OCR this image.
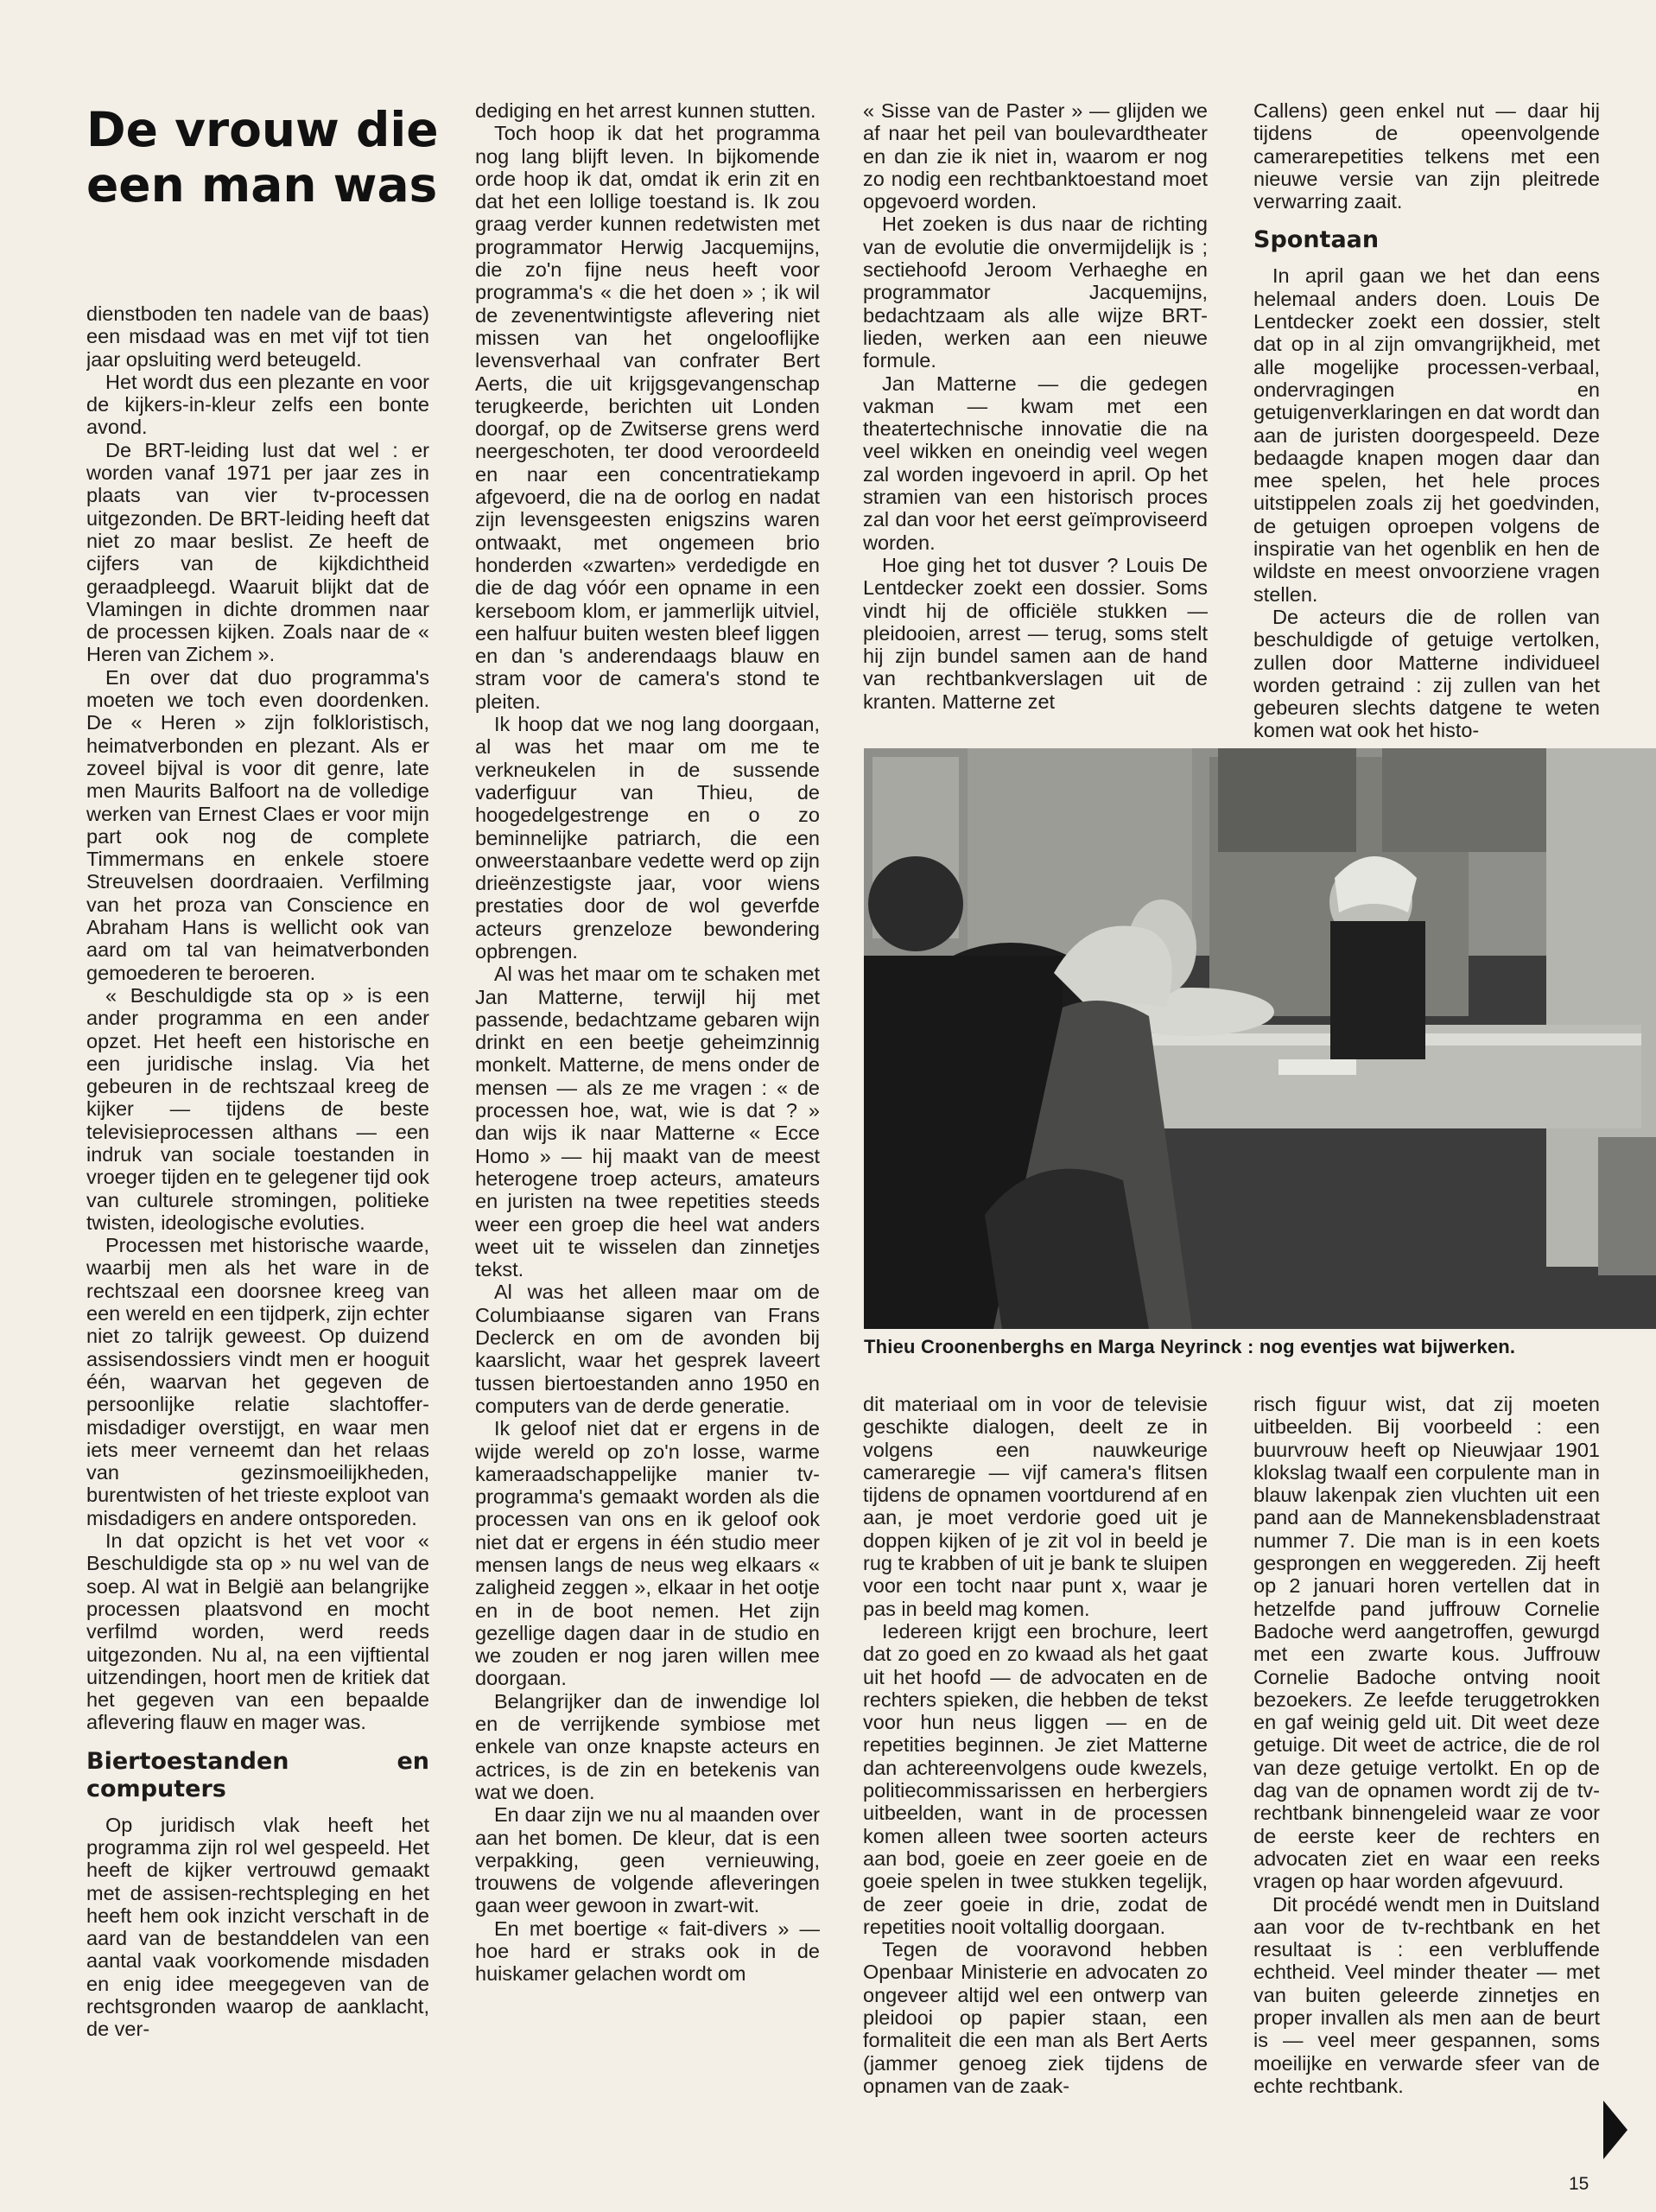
De vrouw die een man was

dienstboden ten nadele van de baas) een misdaad was en met vijf tot tien jaar opsluiting werd beteugeld.

Het wordt dus een plezante en voor de kijkers-in-kleur zelfs een bonte avond.

De BRT-leiding lust dat wel : er worden vanaf 1971 per jaar zes in plaats van vier tv-processen uitgezonden. De BRT-leiding heeft dat niet zo maar beslist. Ze heeft de cijfers van de kijkdichtheid geraadpleegd. Waaruit blijkt dat de Vlamingen in dichte drommen naar de processen kijken. Zoals naar de « Heren van Zichem ».

En over dat duo programma's moeten we toch even doordenken. De « Heren » zijn folkloristisch, heimatverbonden en plezant. Als er zoveel bijval is voor dit genre, late men Maurits Balfoort na de volledige werken van Ernest Claes er voor mijn part ook nog de complete Timmermans en enkele stoere Streuvelsen doordraaien. Verfilming van het proza van Conscience en Abraham Hans is wellicht ook van aard om tal van heimatverbonden gemoederen te beroeren.

« Beschuldigde sta op » is een ander programma en een ander opzet. Het heeft een historische en een juridische inslag. Via het gebeuren in de rechtszaal kreeg de kijker — tijdens de beste televisieprocessen althans — een indruk van sociale toestanden in vroeger tijden en te gelegener tijd ook van culturele stromingen, politieke twisten, ideologische evoluties.

Processen met historische waarde, waarbij men als het ware in de rechtszaal een doorsnee kreeg van een wereld en een tijdperk, zijn echter niet zo talrijk geweest. Op duizend assisendossiers vindt men er hooguit één, waarvan het gegeven de persoonlijke relatie slachtoffer-misdadiger overstijgt, en waar men iets meer verneemt dan het relaas van gezinsmoeilijkheden, burentwisten of het trieste exploot van misdadigers en andere ontsporeden.

In dat opzicht is het vet voor « Beschuldigde sta op » nu wel van de soep. Al wat in België aan belangrijke processen plaatsvond en mocht verfilmd worden, werd reeds uitgezonden. Nu al, na een vijftiental uitzendingen, hoort men de kritiek dat het gegeven van een bepaalde aflevering flauw en mager was.

Biertoestanden en computers

Op juridisch vlak heeft het programma zijn rol wel gespeeld. Het heeft de kijker vertrouwd gemaakt met de assisen-rechtspleging en het heeft hem ook inzicht verschaft in de aard van de bestanddelen van een aantal vaak voorkomende misdaden en enig idee meegegeven van de rechtsgronden waarop de aanklacht, de ver-

dediging en het arrest kunnen stutten.

Toch hoop ik dat het programma nog lang blijft leven. In bijkomende orde hoop ik dat, omdat ik erin zit en dat het een lollige toestand is. Ik zou graag verder kunnen redetwisten met programmator Herwig Jacquemijns, die zo'n fijne neus heeft voor programma's « die het doen » ; ik wil de zevenentwintigste aflevering niet missen van het ongelooflijke levensverhaal van confrater Bert Aerts, die uit krijgsgevangenschap terugkeerde, berichten uit Londen doorgaf, op de Zwitserse grens werd neergeschoten, ter dood veroordeeld en naar een concentratiekamp afgevoerd, die na de oorlog en nadat zijn levensgeesten enigszins waren ontwaakt, met ongemeen brio honderden «zwarten» verdedigde en die de dag vóór een opname in een kerseboom klom, er jammerlijk uitviel, een halfuur buiten westen bleef liggen en dan 's anderendaags blauw en stram voor de camera's stond te pleiten.

Ik hoop dat we nog lang doorgaan, al was het maar om me te verkneukelen in de sussende vaderfiguur van Thieu, de hoogedelgestrenge en o zo beminnelijke patriarch, die een onweerstaanbare vedette werd op zijn drieënzestigste jaar, voor wiens prestaties door de wol geverfde acteurs grenzeloze bewondering opbrengen.

Al was het maar om te schaken met Jan Matterne, terwijl hij met passende, bedachtzame gebaren wijn drinkt en een beetje geheimzinnig monkelt. Matterne, de mens onder de mensen — als ze me vragen : « de processen hoe, wat, wie is dat ? » dan wijs ik naar Matterne « Ecce Homo » — hij maakt van de meest heterogene troep acteurs, amateurs en juristen na twee repetities steeds weer een groep die heel wat anders weet uit te wisselen dan zinnetjes tekst.

Al was het alleen maar om de Columbiaanse sigaren van Frans Declerck en om de avonden bij kaarslicht, waar het gesprek laveert tussen biertoestanden anno 1950 en computers van de derde generatie.

Ik geloof niet dat er ergens in de wijde wereld op zo'n losse, warme kameraadschappelijke manier tv-programma's gemaakt worden als die processen van ons en ik geloof ook niet dat er ergens in één studio meer mensen langs de neus weg elkaars « zaligheid zeggen », elkaar in het ootje en in de boot nemen. Het zijn gezellige dagen daar in de studio en we zouden er nog jaren willen mee doorgaan.

Belangrijker dan de inwendige lol en de verrijkende symbiose met enkele van onze knapste acteurs en actrices, is de zin en betekenis van wat we doen.

En daar zijn we nu al maanden over aan het bomen. De kleur, dat is een verpakking, geen vernieuwing, trouwens de volgende afleveringen gaan weer gewoon in zwart-wit.

En met boertige « fait-divers » — hoe hard er straks ook in de huiskamer gelachen wordt om

« Sisse van de Paster » — glijden we af naar het peil van boulevardtheater en dan zie ik niet in, waarom er nog zo nodig een rechtbanktoestand moet opgevoerd worden.

Het zoeken is dus naar de richting van de evolutie die onvermijdelijk is ; sectiehoofd Jeroom Verhaeghe en programmator Jacquemijns, bedachtzaam als alle wijze BRT-lieden, werken aan een nieuwe formule.

Jan Matterne — die gedegen vakman — kwam met een theatertechnische innovatie die na veel wikken en oneindig veel wegen zal worden ingevoerd in april. Op het stramien van een historisch proces zal dan voor het eerst geïmproviseerd worden.

Hoe ging het tot dusver ? Louis De Lentdecker zoekt een dossier. Soms vindt hij de officiële stukken — pleidooien, arrest — terug, soms stelt hij zijn bundel samen aan de hand van rechtbankverslagen uit de kranten. Matterne zet

Callens) geen enkel nut — daar hij tijdens de opeenvolgende camerarepetities telkens met een nieuwe versie van zijn pleitrede verwarring zaait.

Spontaan

In april gaan we het dan eens helemaal anders doen. Louis De Lentdecker zoekt een dossier, stelt dat op in al zijn omvangrijkheid, met alle mogelijke processen-verbaal, ondervragingen en getuigenverklaringen en dat wordt dan aan de juristen doorgespeeld. Deze bedaagde knapen mogen daar dan mee spelen, het hele proces uitstippelen zoals zij het goedvinden, de getuigen oproepen volgens de inspiratie van het ogenblik en hen de wildste en meest onvoorziene vragen stellen.

De acteurs die de rollen van beschuldigde of getuige vertolken, zullen door Matterne individueel worden getraind : zij zullen van het gebeuren slechts datgene te weten komen wat ook het histo-

Thieu Croonenberghs en Marga Neyrinck : nog eventjes wat bijwerken.

dit materiaal om in voor de televisie geschikte dialogen, deelt ze in volgens een nauwkeurige cameraregie — vijf camera's flitsen tijdens de opnamen voortdurend af en aan, je moet verdorie goed uit je doppen kijken of je zit vol in beeld je rug te krabben of uit je bank te sluipen voor een tocht naar punt x, waar je pas in beeld mag komen.

Iedereen krijgt een brochure, leert dat zo goed en zo kwaad als het gaat uit het hoofd — de advocaten en de rechters spieken, die hebben de tekst voor hun neus liggen — en de repetities beginnen. Je ziet Matterne dan achtereenvolgens oude kwezels, politiecommissarissen en herbergiers uitbeelden, want in de processen komen alleen twee soorten acteurs aan bod, goeie en zeer goeie en de goeie spelen in twee stukken tegelijk, de zeer goeie in drie, zodat de repetities nooit voltallig doorgaan.

Tegen de vooravond hebben Openbaar Ministerie en advocaten zo ongeveer altijd wel een ontwerp van pleidooi op papier staan, een formaliteit die een man als Bert Aerts (jammer genoeg ziek tijdens de opnamen van de zaak-

risch figuur wist, dat zij moeten uitbeelden. Bij voorbeeld : een buurvrouw heeft op Nieuwjaar 1901 klokslag twaalf een corpulente man in blauw lakenpak zien vluchten uit een pand aan de Mannekensbladenstraat nummer 7. Die man is in een koets gesprongen en weggereden. Zij heeft op 2 januari horen vertellen dat in hetzelfde pand juffrouw Cornelie Badoche werd aangetroffen, gewurgd met een zwarte kous. Juffrouw Cornelie Badoche ontving nooit bezoekers. Ze leefde teruggetrokken en gaf weinig geld uit. Dit weet deze getuige. Dit weet de actrice, die de rol van deze getuige vertolkt. En op de dag van de opnamen wordt zij de tv-rechtbank binnengeleid waar ze voor de eerste keer de rechters en advocaten ziet en waar een reeks vragen op haar worden afgevuurd.

Dit procédé wendt men in Duitsland aan voor de tv-rechtbank en het resultaat is : een verbluffende echtheid. Veel minder theater — met van buiten geleerde zinnetjes en proper invallen als men aan de beurt is — veel meer gespannen, soms moeilijke en verwarde sfeer van de echte rechtbank.

15
